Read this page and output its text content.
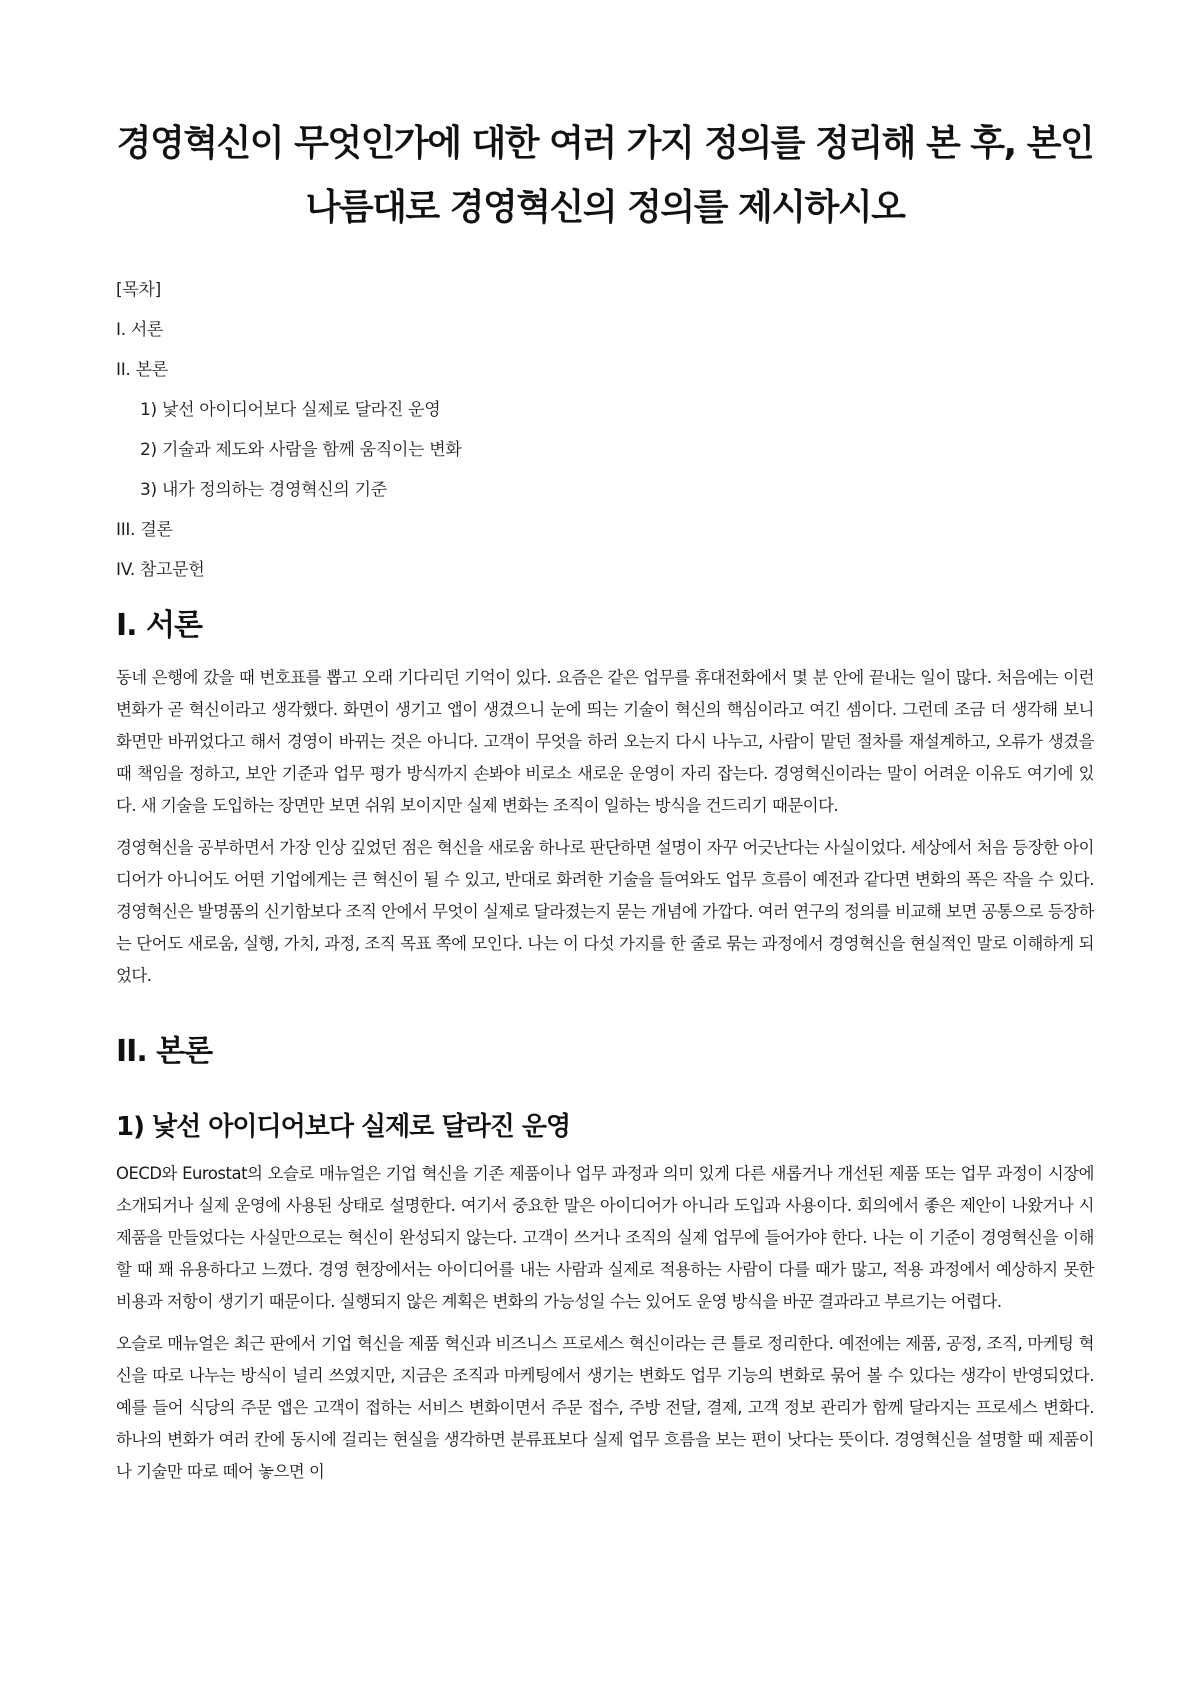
경영혁신이 무엇인가에 대한 여러 가지 정의를 정리해 본 후, 본인 나름대로 경영혁신의 정의를 제시하시오
[목차]
I. 서론
II. 본론
1) 낯선 아이디어보다 실제로 달라진 운영
2) 기술과 제도와 사람을 함께 움직이는 변화
3) 내가 정의하는 경영혁신의 기준
III. 결론
IV. 참고문헌
I. 서론

동네 은행에 갔을 때 번호표를 뽑고 오래 기다리던 기억이 있다. 요즘은 같은 업무를 휴대전화에서 몇 분 안에 끝내는 일이 많다. 처음에는 이런 변화가 곧 혁신이라고 생각했다. 화면이 생기고 앱이 생겼으니 눈에 띄는 기술이 혁신의 핵심이라고 여긴 셈이다. 그런데 조금 더 생각해 보니 화면만 바뀌었다고 해서 경영이 바뀌는 것은 아니다. 고객이 무엇을 하러 오는지 다시 나누고, 사람이 맡던 절차를 재설계하고, 오류가 생겼을 때 책임을 정하고, 보안 기준과 업무 평가 방식까지 손봐야 비로소 새로운 운영이 자리 잡는다. 경영혁신이라는 말이 어려운 이유도 여기에 있다. 새 기술을 도입하는 장면만 보면 쉬워 보이지만 실제 변화는 조직이 일하는 방식을 건드리기 때문이다.

경영혁신을 공부하면서 가장 인상 깊었던 점은 혁신을 새로움 하나로 판단하면 설명이 자꾸 어긋난다는 사실이었다. 세상에서 처음 등장한 아이디어가 아니어도 어떤 기업에게는 큰 혁신이 될 수 있고, 반대로 화려한 기술을 들여와도 업무 흐름이 예전과 같다면 변화의 폭은 작을 수 있다. 경영혁신은 발명품의 신기함보다 조직 안에서 무엇이 실제로 달라졌는지 묻는 개념에 가깝다. 여러 연구의 정의를 비교해 보면 공통으로 등장하는 단어도 새로움, 실행, 가치, 과정, 조직 목표 쪽에 모인다. 나는 이 다섯 가지를 한 줄로 묶는 과정에서 경영혁신을 현실적인 말로 이해하게 되었다.

II. 본론
1) 낯선 아이디어보다 실제로 달라진 운영

OECD와 Eurostat의 오슬로 매뉴얼은 기업 혁신을 기존 제품이나 업무 과정과 의미 있게 다른 새롭거나 개선된 제품 또는 업무 과정이 시장에 소개되거나 실제 운영에 사용된 상태로 설명한다. 여기서 중요한 말은 아이디어가 아니라 도입과 사용이다. 회의에서 좋은 제안이 나왔거나 시제품을 만들었다는 사실만으로는 혁신이 완성되지 않는다. 고객이 쓰거나 조직의 실제 업무에 들어가야 한다. 나는 이 기준이 경영혁신을 이해할 때 꽤 유용하다고 느꼈다. 경영 현장에서는 아이디어를 내는 사람과 실제로 적용하는 사람이 다를 때가 많고, 적용 과정에서 예상하지 못한 비용과 저항이 생기기 때문이다. 실행되지 않은 계획은 변화의 가능성일 수는 있어도 운영 방식을 바꾼 결과라고 부르기는 어렵다.

오슬로 매뉴얼은 최근 판에서 기업 혁신을 제품 혁신과 비즈니스 프로세스 혁신이라는 큰 틀로 정리한다. 예전에는 제품, 공정, 조직, 마케팅 혁신을 따로 나누는 방식이 널리 쓰였지만, 지금은 조직과 마케팅에서 생기는 변화도 업무 기능의 변화로 묶어 볼 수 있다는 생각이 반영되었다. 예를 들어 식당의 주문 앱은 고객이 접하는 서비스 변화이면서 주문 접수, 주방 전달, 결제, 고객 정보 관리가 함께 달라지는 프로세스 변화다. 하나의 변화가 여러 칸에 동시에 걸리는 현실을 생각하면 분류표보다 실제 업무 흐름을 보는 편이 낫다는 뜻이다. 경영혁신을 설명할 때 제품이나 기술만 따로 떼어 놓으면 이
